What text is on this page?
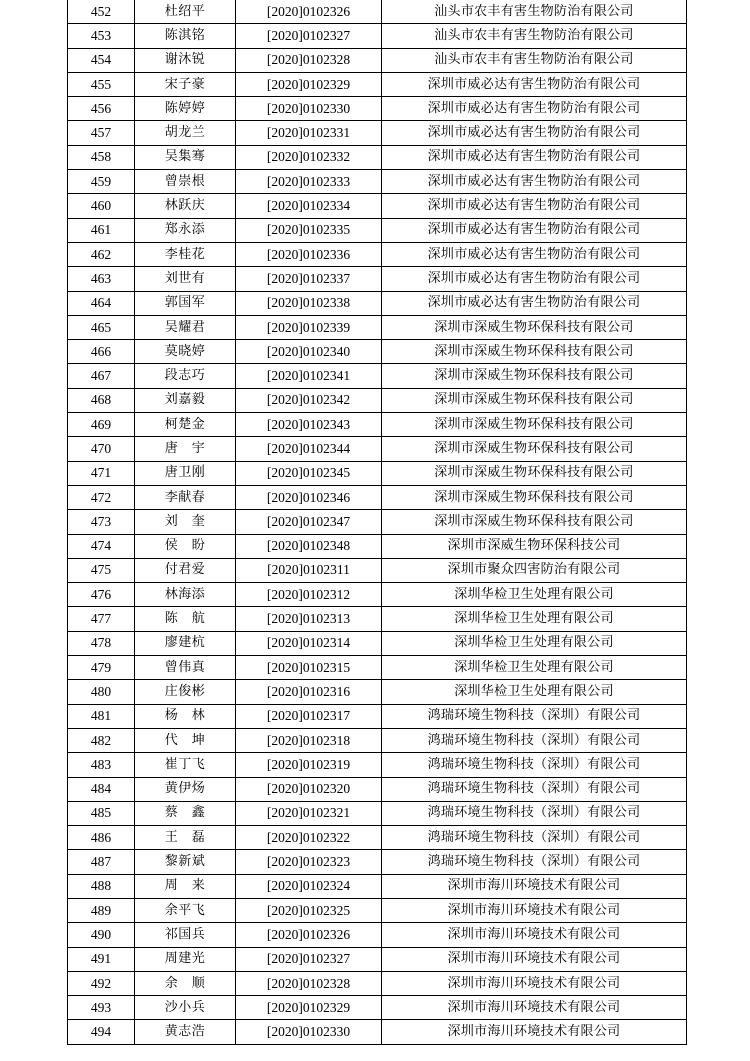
452	杜绍平	[2020]0102326	汕头市农丰有害生物防治有限公司
453	陈淇铭	[2020]0102327	汕头市农丰有害生物防治有限公司
454	谢沐锐	[2020]0102328	汕头市农丰有害生物防治有限公司
455	宋子豪	[2020]0102329	深圳市威必达有害生物防治有限公司
456	陈婷婷	[2020]0102330	深圳市威必达有害生物防治有限公司
457	胡龙兰	[2020]0102331	深圳市威必达有害生物防治有限公司
458	吴集骞	[2020]0102332	深圳市威必达有害生物防治有限公司
459	曾崇根	[2020]0102333	深圳市威必达有害生物防治有限公司
460	林跃庆	[2020]0102334	深圳市威必达有害生物防治有限公司
461	郑永添	[2020]0102335	深圳市威必达有害生物防治有限公司
462	李桂花	[2020]0102336	深圳市威必达有害生物防治有限公司
463	刘世有	[2020]0102337	深圳市威必达有害生物防治有限公司
464	郭国军	[2020]0102338	深圳市威必达有害生物防治有限公司
465	吴耀君	[2020]0102339	深圳市深威生物环保科技有限公司
466	莫晓婷	[2020]0102340	深圳市深威生物环保科技有限公司
467	段志巧	[2020]0102341	深圳市深威生物环保科技有限公司
468	刘嘉毅	[2020]0102342	深圳市深威生物环保科技有限公司
469	柯楚金	[2020]0102343	深圳市深威生物环保科技有限公司
470	唐　宇	[2020]0102344	深圳市深威生物环保科技有限公司
471	唐卫刚	[2020]0102345	深圳市深威生物环保科技有限公司
472	李献春	[2020]0102346	深圳市深威生物环保科技有限公司
473	刘　奎	[2020]0102347	深圳市深威生物环保科技有限公司
474	侯　盼	[2020]0102348	深圳市深威生物环保科技公司
475	付君爱	[2020]0102311	深圳市聚众四害防治有限公司
476	林海添	[2020]0102312	深圳华检卫生处理有限公司
477	陈　航	[2020]0102313	深圳华检卫生处理有限公司
478	廖建杭	[2020]0102314	深圳华检卫生处理有限公司
479	曾伟真	[2020]0102315	深圳华检卫生处理有限公司
480	庄俊彬	[2020]0102316	深圳华检卫生处理有限公司
481	杨　林	[2020]0102317	鸿瑞环境生物科技（深圳）有限公司
482	代　坤	[2020]0102318	鸿瑞环境生物科技（深圳）有限公司
483	崔丁飞	[2020]0102319	鸿瑞环境生物科技（深圳）有限公司
484	黄伊炀	[2020]0102320	鸿瑞环境生物科技（深圳）有限公司
485	蔡　鑫	[2020]0102321	鸿瑞环境生物科技（深圳）有限公司
486	王　磊	[2020]0102322	鸿瑞环境生物科技（深圳）有限公司
487	黎新斌	[2020]0102323	鸿瑞环境生物科技（深圳）有限公司
488	周　来	[2020]0102324	深圳市海川环境技术有限公司
489	余平飞	[2020]0102325	深圳市海川环境技术有限公司
490	祁国兵	[2020]0102326	深圳市海川环境技术有限公司
491	周建光	[2020]0102327	深圳市海川环境技术有限公司
492	余　顺	[2020]0102328	深圳市海川环境技术有限公司
493	沙小兵	[2020]0102329	深圳市海川环境技术有限公司
494	黄志浩	[2020]0102330	深圳市海川环境技术有限公司
